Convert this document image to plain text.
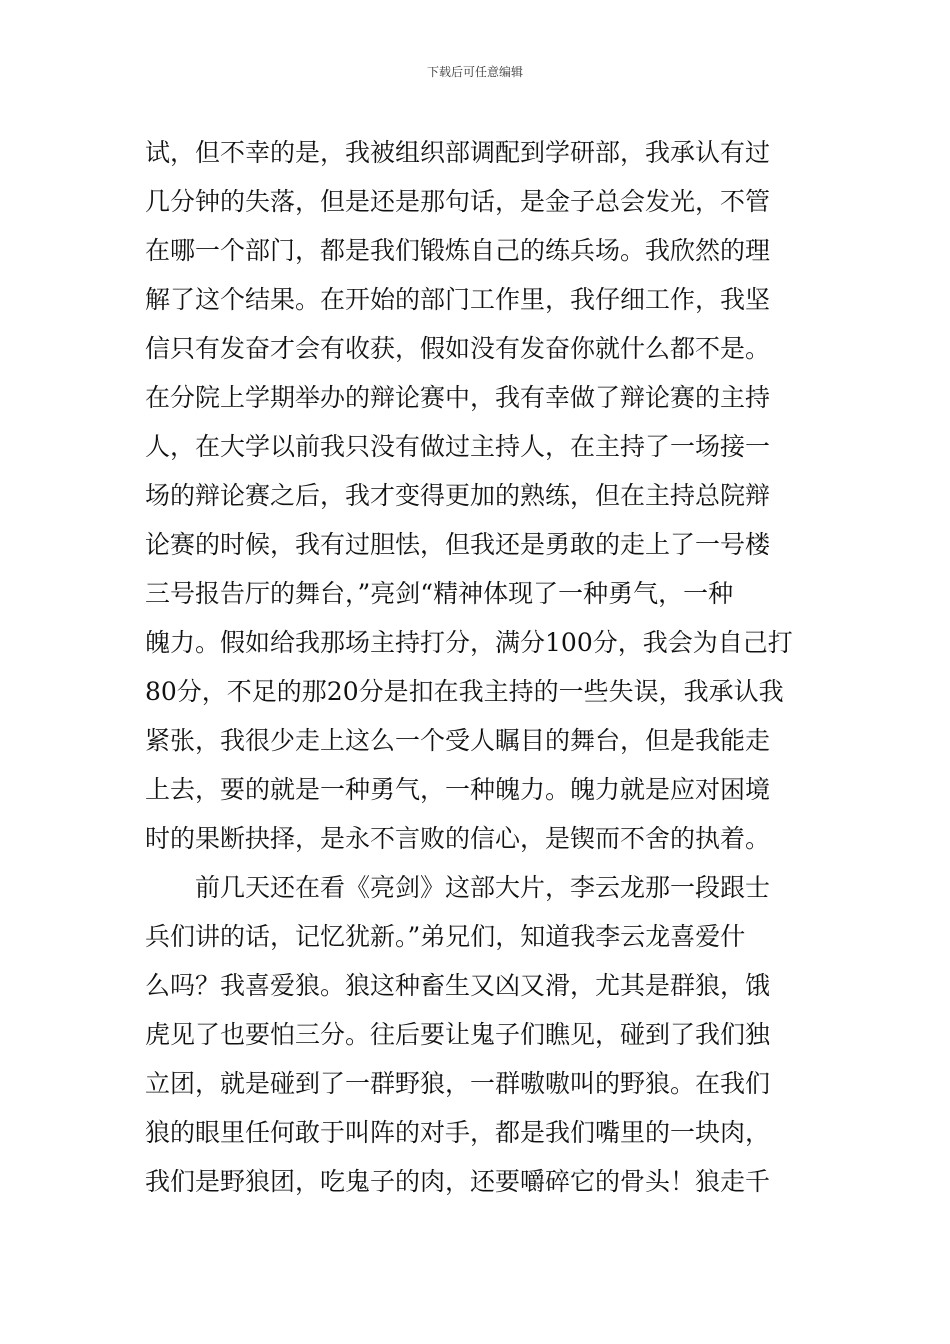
下载后可任意编辑
试，但不幸的是，我被组织部调配到学研部，我承认有过
几分钟的失落，但是还是那句话，是金子总会发光，不管
在哪一个部门，都是我们锻炼自己的练兵场。我欣然的理
解了这个结果。在开始的部门工作里，我仔细工作，我坚
信只有发奋才会有收获，假如没有发奋你就什么都不是。
在分院上学期举办的辩论赛中，我有幸做了辩论赛的主持
人，在大学以前我只没有做过主持人，在主持了一场接一
场的辩论赛之后，我才变得更加的熟练，但在主持总院辩
论赛的时候，我有过胆怯，但我还是勇敢的走上了一号楼
三号报告厅的舞台，”亮剑“精神体现了一种勇气，一种
魄力。假如给我那场主持打分，满分100分，我会为自己打
80分，不足的那20分是扣在我主持的一些失误，我承认我
紧张，我很少走上这么一个受人瞩目的舞台，但是我能走
上去，要的就是一种勇气，一种魄力。魄力就是应对困境
时的果断抉择，是永不言败的信心，是锲而不舍的执着。
　　前几天还在看《亮剑》这部大片，李云龙那一段跟士
兵们讲的话，记忆犹新。”弟兄们，知道我李云龙喜爱什
么吗？我喜爱狼。狼这种畜生又凶又滑，尤其是群狼，饿
虎见了也要怕三分。往后要让鬼子们瞧见，碰到了我们独
立团，就是碰到了一群野狼，一群嗷嗷叫的野狼。在我们
狼的眼里任何敢于叫阵的对手，都是我们嘴里的一块肉，
我们是野狼团，吃鬼子的肉，还要嚼碎它的骨头！狼走千
